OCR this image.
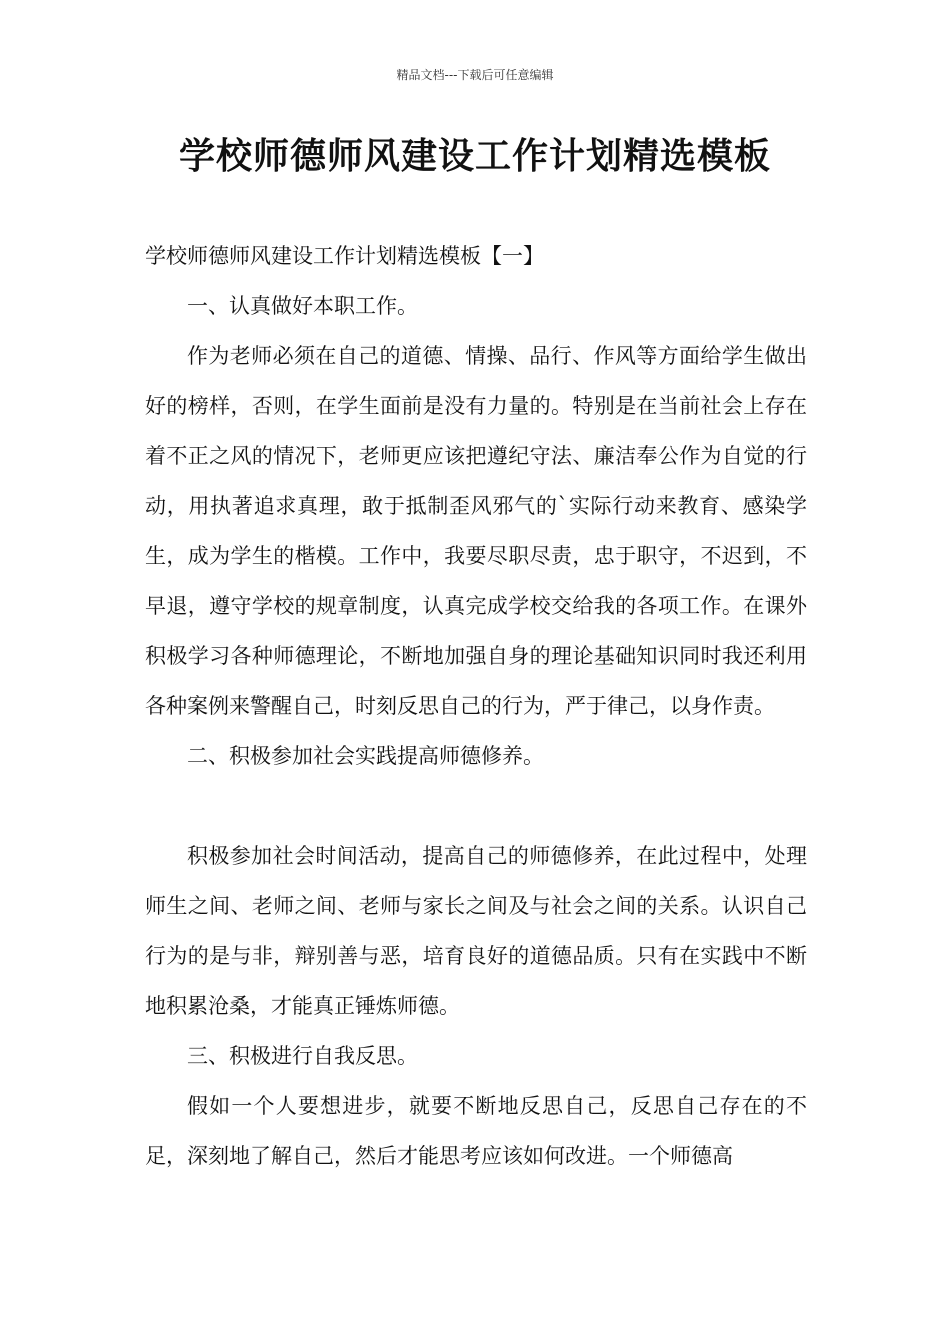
精品文档---下载后可任意编辑
学校师德师风建设工作计划精选模板

学校师德师风建设工作计划精选模板【一】

一、认真做好本职工作。

作为老师必须在自己的道德、情操、品行、作风等方面给学生做出好的榜样，否则，在学生面前是没有力量的。特别是在当前社会上存在着不正之风的情况下，老师更应该把遵纪守法、廉洁奉公作为自觉的行动，用执著追求真理，敢于抵制歪风邪气的`实际行动来教育、感染学生，成为学生的楷模。工作中，我要尽职尽责，忠于职守，不迟到，不早退，遵守学校的规章制度，认真完成学校交给我的各项工作。在课外积极学习各种师德理论，不断地加强自身的理论基础知识同时我还利用各种案例来警醒自己，时刻反思自己的行为，严于律己，以身作责。

二、积极参加社会实践提高师德修养。

积极参加社会时间活动，提高自己的师德修养，在此过程中，处理师生之间、老师之间、老师与家长之间及与社会之间的关系。认识自己行为的是与非，辩别善与恶，培育良好的道德品质。只有在实践中不断地积累沧桑，才能真正锤炼师德。

三、积极进行自我反思。

假如一个人要想进步，就要不断地反思自己，反思自己存在的不足，深刻地了解自己，然后才能思考应该如何改进。一个师德高
